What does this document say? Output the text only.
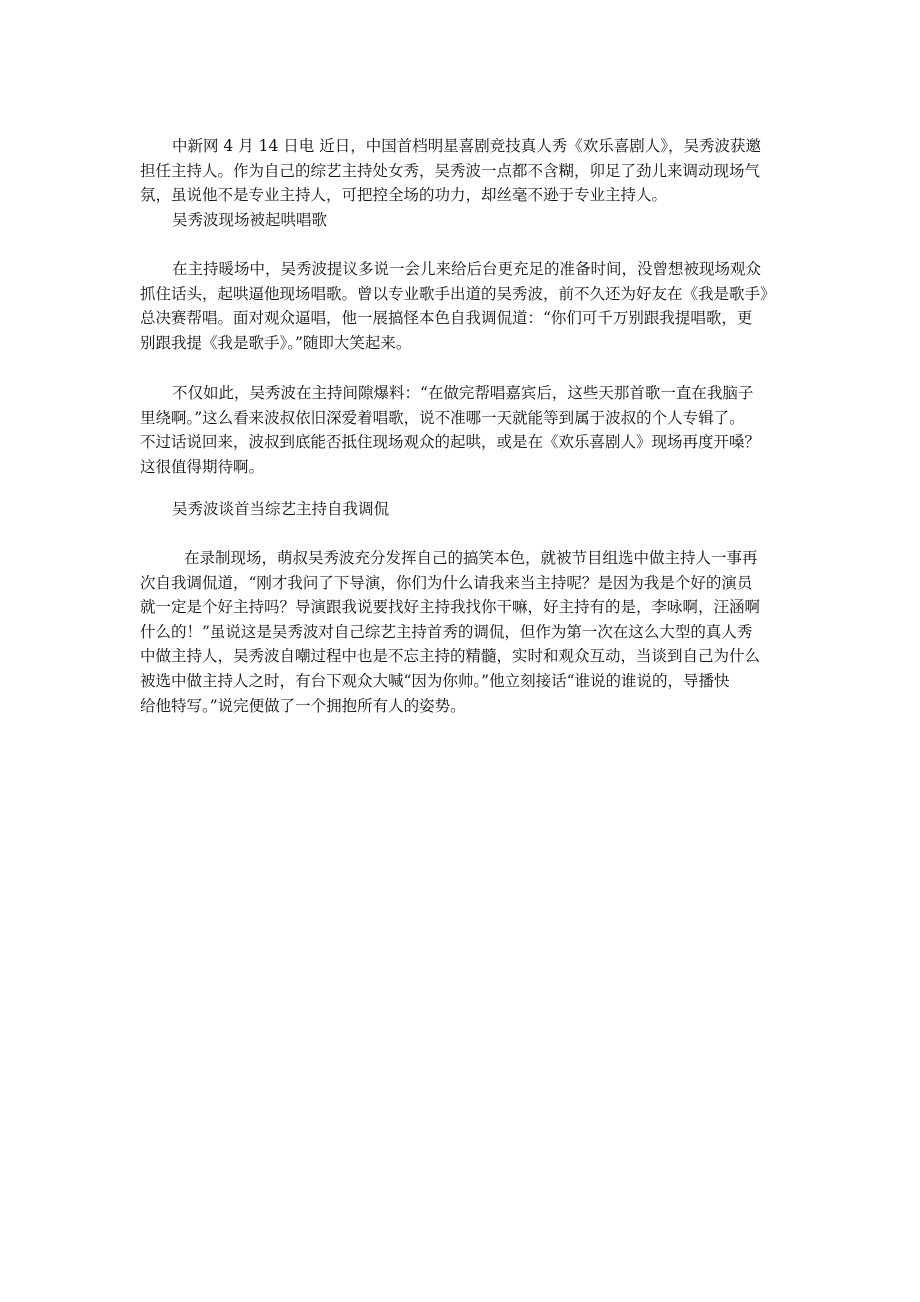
中新网 4 月 14 日电 近日，中国首档明星喜剧竞技真人秀《欢乐喜剧人》，吴秀波获邀
担任主持人。作为自己的综艺主持处女秀，吴秀波一点都不含糊，卯足了劲儿来调动现场气
氛，虽说他不是专业主持人，可把控全场的功力，却丝毫不逊于专业主持人。
吴秀波现场被起哄唱歌
在主持暖场中，吴秀波提议多说一会儿来给后台更充足的准备时间，没曾想被现场观众
抓住话头，起哄逼他现场唱歌。曾以专业歌手出道的吴秀波，前不久还为好友在《我是歌手》
总决赛帮唱。面对观众逼唱，他一展搞怪本色自我调侃道：“你们可千万别跟我提唱歌，更
别跟我提《我是歌手》。”随即大笑起来。
不仅如此，吴秀波在主持间隙爆料：“在做完帮唱嘉宾后，这些天那首歌一直在我脑子
里绕啊。”这么看来波叔依旧深爱着唱歌，说不准哪一天就能等到属于波叔的个人专辑了。
不过话说回来，波叔到底能否抵住现场观众的起哄，或是在《欢乐喜剧人》现场再度开嗓？
这很值得期待啊。
吴秀波谈首当综艺主持自我调侃
在录制现场，萌叔吴秀波充分发挥自己的搞笑本色，就被节目组选中做主持人一事再
次自我调侃道，“刚才我问了下导演，你们为什么请我来当主持呢？是因为我是个好的演员
就一定是个好主持吗？导演跟我说要找好主持我找你干嘛，好主持有的是，李咏啊，汪涵啊
什么的！”虽说这是吴秀波对自己综艺主持首秀的调侃，但作为第一次在这么大型的真人秀
中做主持人，吴秀波自嘲过程中也是不忘主持的精髓，实时和观众互动，当谈到自己为什么
被选中做主持人之时，有台下观众大喊“因为你帅。”他立刻接话“谁说的谁说的，导播快
给他特写。”说完便做了一个拥抱所有人的姿势。
